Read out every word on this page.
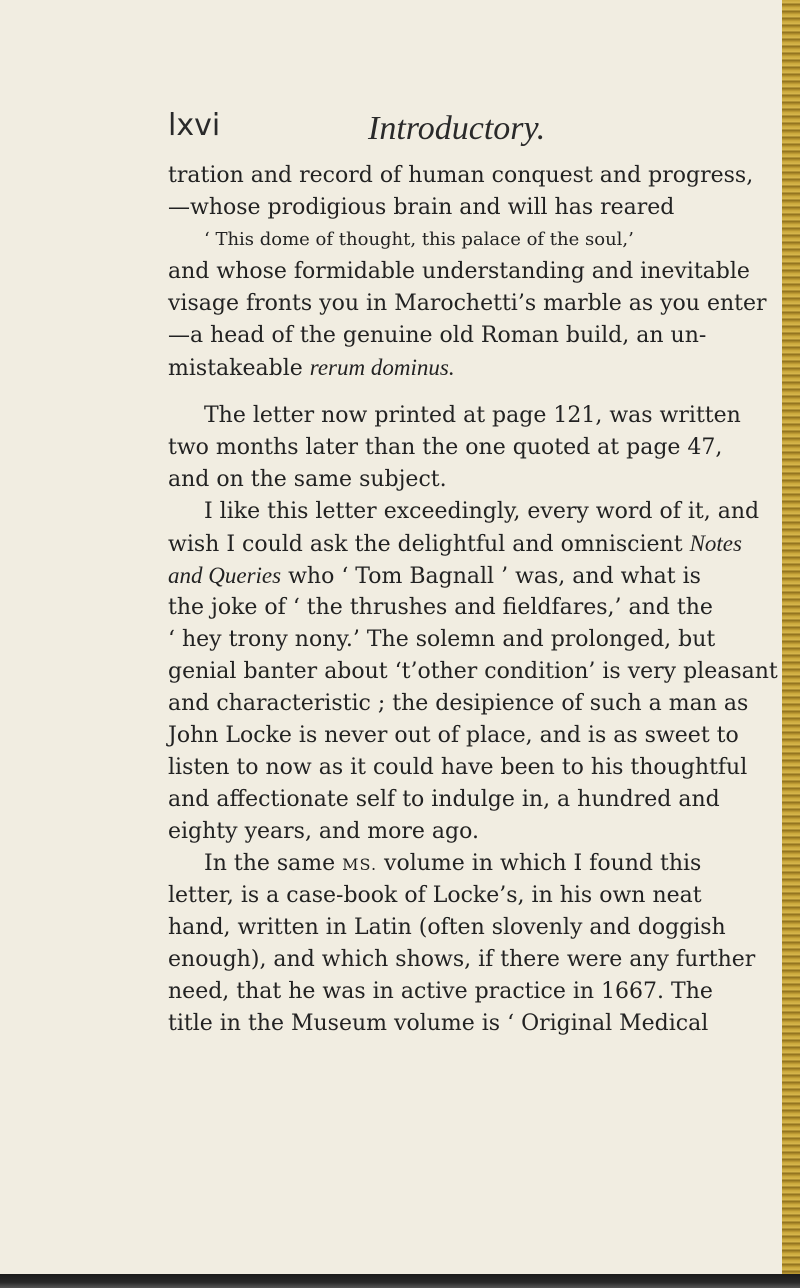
lxvi	Introductory.
tration and record of human conquest and progress,
—whose prodigious brain and will has reared
‘ This dome of thought, this palace of the soul,’
and whose formidable understanding and inevitable
visage fronts you in Marochetti’s marble as you enter
—a head of the genuine old Roman build, an un-
mistakeable rerum dominus.
The letter now printed at page 121, was written
two months later than the one quoted at page 47,
and on the same subject.
I like this letter exceedingly, every word of it, and
wish I could ask the delightful and omniscient Notes
and Queries who ‘ Tom Bagnall ’ was, and what is
the joke of ‘ the thrushes and fieldfares,’ and the
‘ hey trony nony.’ The solemn and prolonged, but
genial banter about ‘t’other condition’ is very pleasant
and characteristic ; the desipience of such a man as
John Locke is never out of place, and is as sweet to
listen to now as it could have been to his thoughtful
and affectionate self to indulge in, a hundred and
eighty years, and more ago.
In the same MS. volume in which I found this
letter, is a case-book of Locke’s, in his own neat
hand, written in Latin (often slovenly and doggish
enough), and which shows, if there were any further
need, that he was in active practice in 1667. The
title in the Museum volume is ‘ Original Medical
